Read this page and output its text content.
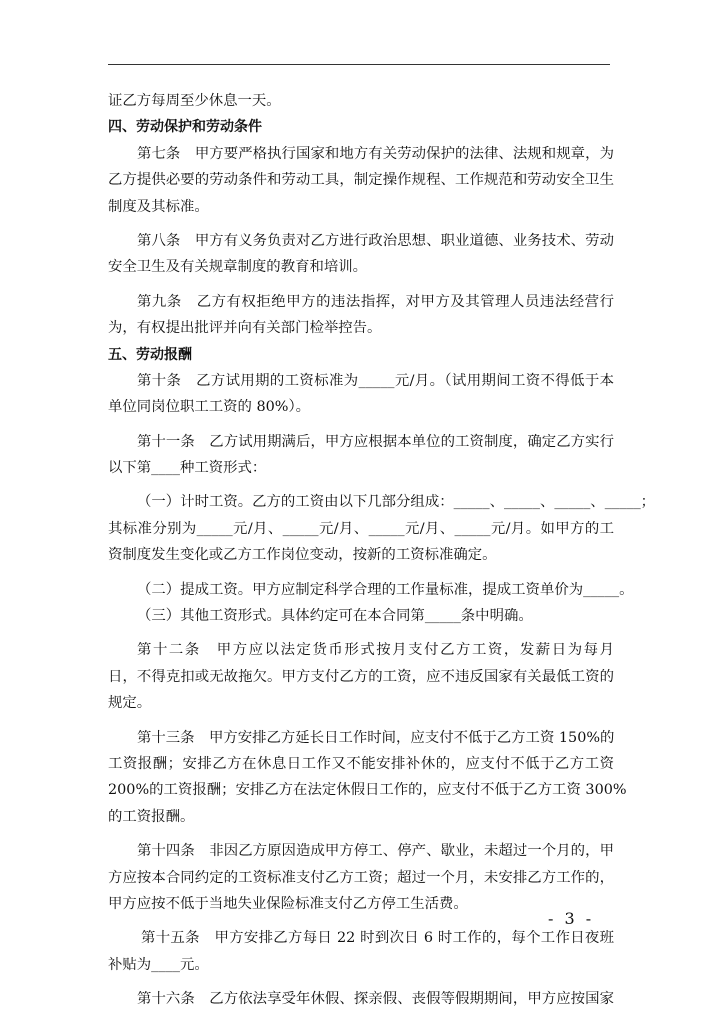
证乙方每周至少休息一天。
四、劳动保护和劳动条件
第七条　甲方要严格执行国家和地方有关劳动保护的法律、法规和规章，为
乙方提供必要的劳动条件和劳动工具，制定操作规程、工作规范和劳动安全卫生
制度及其标准。
第八条　甲方有义务负责对乙方进行政治思想、职业道德、业务技术、劳动
安全卫生及有关规章制度的教育和培训。
第九条　乙方有权拒绝甲方的违法指挥，对甲方及其管理人员违法经营行
为，有权提出批评并向有关部门检举控告。
五、劳动报酬
第十条　乙方试用期的工资标准为_____元/月。（试用期间工资不得低于本
单位同岗位职工工资的 80%）。
第十一条　乙方试用期满后，甲方应根据本单位的工资制度，确定乙方实行
以下第____种工资形式：
（一）计时工资。乙方的工资由以下几部分组成：_____、_____、_____、_____；
其标准分别为_____元/月、_____元/月、_____元/月、_____元/月。如甲方的工
资制度发生变化或乙方工作岗位变动，按新的工资标准确定。
（二）提成工资。甲方应制定科学合理的工作量标准，提成工资单价为_____。
（三）其他工资形式。具体约定可在本合同第_____条中明确。
第十二条　甲方应以法定货币形式按月支付乙方工资，发薪日为每月
日，不得克扣或无故拖欠。甲方支付乙方的工资，应不违反国家有关最低工资的
规定。
第十三条　甲方安排乙方延长日工作时间，应支付不低于乙方工资 150%的
工资报酬；安排乙方在休息日工作又不能安排补休的，应支付不低于乙方工资
200%的工资报酬；安排乙方在法定休假日工作的，应支付不低于乙方工资 300%
的工资报酬。
第十四条　非因乙方原因造成甲方停工、停产、歇业，未超过一个月的，甲
方应按本合同约定的工资标准支付乙方工资；超过一个月，未安排乙方工作的，
甲方应按不低于当地失业保险标准支付乙方停工生活费。
第十五条　甲方安排乙方每日 22 时到次日 6 时工作的，每个工作日夜班
补贴为____元。
第十六条　乙方依法享受年休假、探亲假、丧假等假期期间，甲方应按国家
- 3 -
